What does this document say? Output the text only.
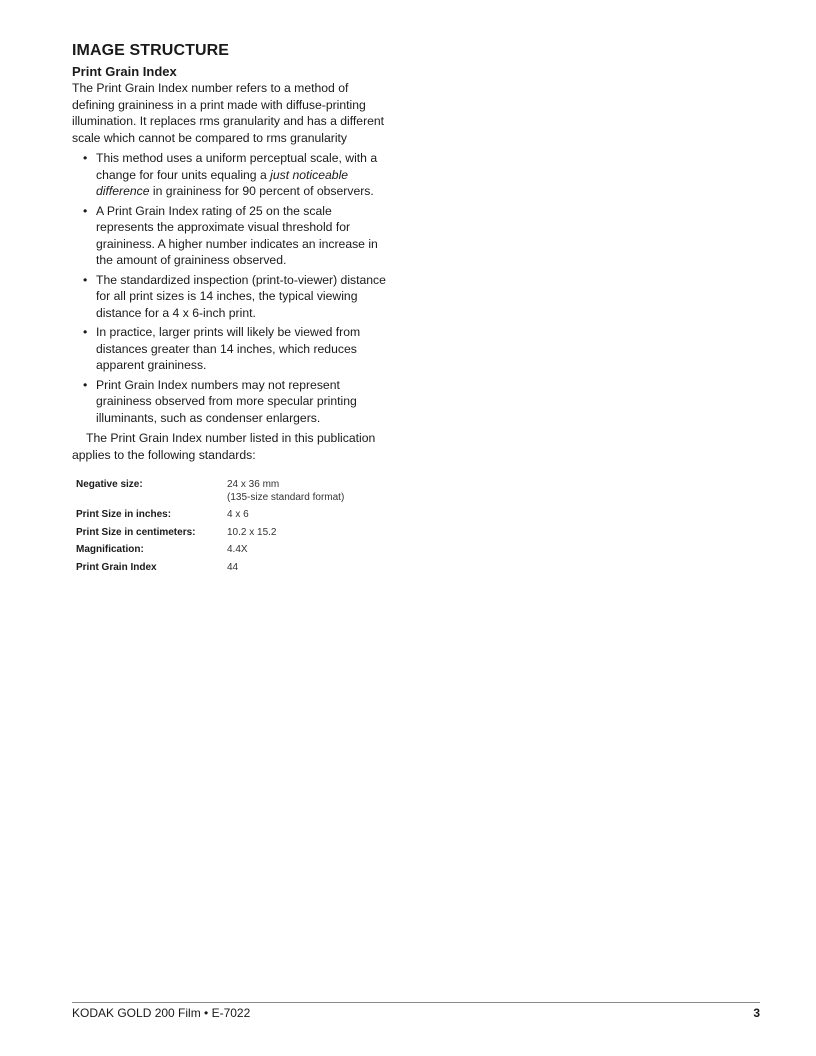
IMAGE STRUCTURE
Print Grain Index

The Print Grain Index number refers to a method of defining graininess in a print made with diffuse-printing illumination. It replaces rms granularity and has a different scale which cannot be compared to rms granularity

• This method uses a uniform perceptual scale, with a change for four units equaling a just noticeable difference in graininess for 90 percent of observers.
• A Print Grain Index rating of 25 on the scale represents the approximate visual threshold for graininess. A higher number indicates an increase in the amount of graininess observed.
• The standardized inspection (print-to-viewer) distance for all print sizes is 14 inches, the typical viewing distance for a 4 x 6-inch print.
• In practice, larger prints will likely be viewed from distances greater than 14 inches, which reduces apparent graininess.
• Print Grain Index numbers may not represent graininess observed from more specular printing illuminants, such as condenser enlargers.

The Print Grain Index number listed in this publication applies to the following standards:

Negative size:	24 x 36 mm
(135-size standard format)

Print Size in inches:	4 x 6
Print Size in centimeters:	10.2 x 15.2
Magnification:	4.4X
Print Grain Index	44
KODAK GOLD 200 Film • E-7022	3
